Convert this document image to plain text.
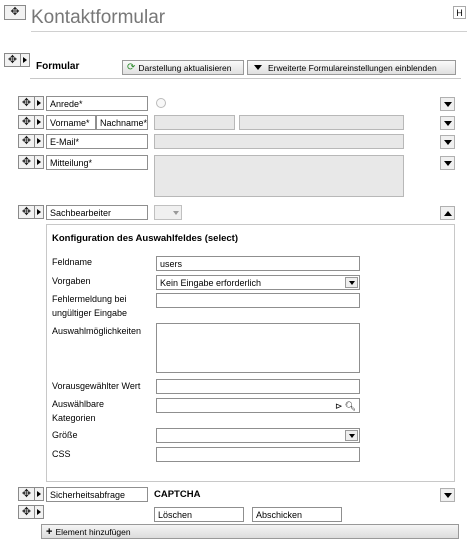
✥ Kontaktformular	H
✥
Formular	⟳ Darstellung aktualisieren	Erweiterte Formulareinstellungen einblenden
✥	Anrede*
✥	Vorname*	Nachname*
✥	E-Mail*
✥	Mitteilung*
✥	Sachbearbeiter
Konfiguration des Auswahlfeldes (select)
Feldname	users
Vorgaben	Kein Eingabe erforderlich
Fehlermeldung bei
ungültiger Eingabe
Auswahlmöglichkeiten
Vorausgewählter Wert
Auswählbare
Kategorien
⊳ 🔍︎
Größe
CSS
✥	Sicherheitsabfrage	CAPTCHA
✥	Löschen	Abschicken
+ Element hinzufügen
